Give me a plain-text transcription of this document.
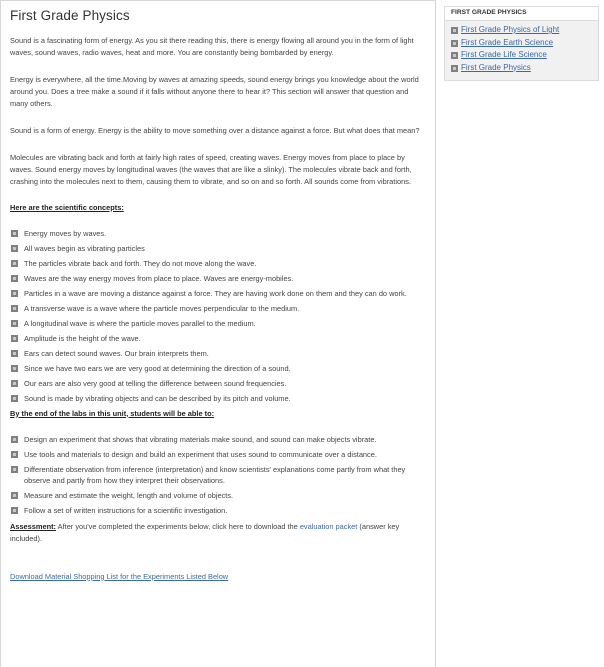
First Grade Physics

Sound is a fascinating form of energy. As you sit there reading this, there is energy flowing all around you in the form of light waves, sound waves, radio waves, heat and more. You are constantly being bombarded by energy.

Energy is everywhere, all the time.Moving by waves at amazing speeds, sound energy brings you knowledge about the world around you. Does a tree make a sound if it falls without anyone there to hear it? This section will answer that question and many others.

Sound is a form of energy. Energy is the ability to move something over a distance against a force. But what does that mean?

Molecules are vibrating back and forth at fairly high rates of speed, creating waves. Energy moves from place to place by waves. Sound energy moves by longitudinal waves (the waves that are like a slinky). The molecules vibrate back and forth, crashing into the molecules next to them, causing them to vibrate, and so on and so forth. All sounds come from vibrations.

Here are the scientific concepts:
Energy moves by waves.
All waves begin as vibrating particles
The particles vibrate back and forth. They do not move along the wave.
Waves are the way energy moves from place to place. Waves are energy-mobiles.
Particles in a wave are moving a distance against a force. They are having work done on them and they can do work.
A transverse wave is a wave where the particle moves perpendicular to the medium.
A longitudinal wave is where the particle moves parallel to the medium.
Amplitude is the height of the wave.
Ears can detect sound waves. Our brain interprets them.
Since we have two ears we are very good at determining the direction of a sound.
Our ears are also very good at telling the difference between sound frequencies.
Sound is made by vibrating objects and can be described by its pitch and volume.
By the end of the labs in this unit, students will be able to:
Design an experiment that shows that vibrating materials make sound, and sound can make objects vibrate.
Use tools and materials to design and build an experiment that uses sound to communicate over a distance.
Differentiate observation from inference (interpretation) and know scientists' explanations come partly from what they observe and partly from how they interpret their observations.
Measure and estimate the weight, length and volume of objects.
Follow a set of written instructions for a scientific investigation.
Assessment: After you've completed the experiments below, click here to download the evaluation packet (answer key included).
Download Material Shopping List for the Experiments Listed Below
FIRST GRADE PHYSICS
First Grade Physics of Light
First Grade Earth Science
First Grade Life Science
First Grade Physics
